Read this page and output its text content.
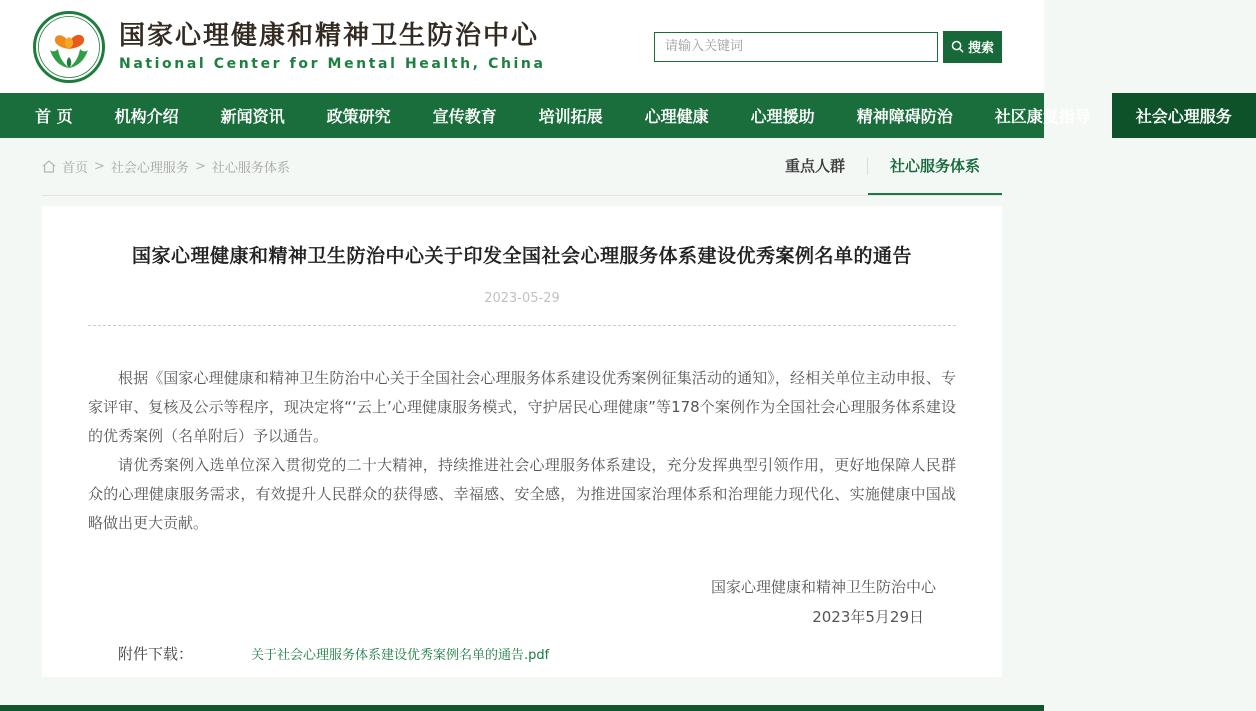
国家心理健康和精神卫生防治中心
National Center for Mental Health, China
请输入关键词
搜索
首 页	机构介绍	新闻资讯	政策研究	宣传教育	培训拓展	心理健康	心理援助	精神障碍防治	社区康复指导	社会心理服务
首页 > 社会心理服务 > 社心服务体系	重点人群	社心服务体系
国家心理健康和精神卫生防治中心关于印发全国社会心理服务体系建设优秀案例名单的通告
2023-05-29

根据《国家心理健康和精神卫生防治中心关于全国社会心理服务体系建设优秀案例征集活动的通知》，经相关单位主动申报、专家评审、复核及公示等程序，现决定将“‘云上’心理健康服务模式，守护居民心理健康”等178个案例作为全国社会心理服务体系建设的优秀案例（名单附后）予以通告。

请优秀案例入选单位深入贯彻党的二十大精神，持续推进社会心理服务体系建设，充分发挥典型引领作用，更好地保障人民群众的心理健康服务需求，有效提升人民群众的获得感、幸福感、安全感，为推进国家治理体系和治理能力现代化、实施健康中国战略做出更大贡献。

国家心理健康和精神卫生防治中心
2023年5月29日
附件下载：	关于社会心理服务体系建设优秀案例名单的通告.pdf
